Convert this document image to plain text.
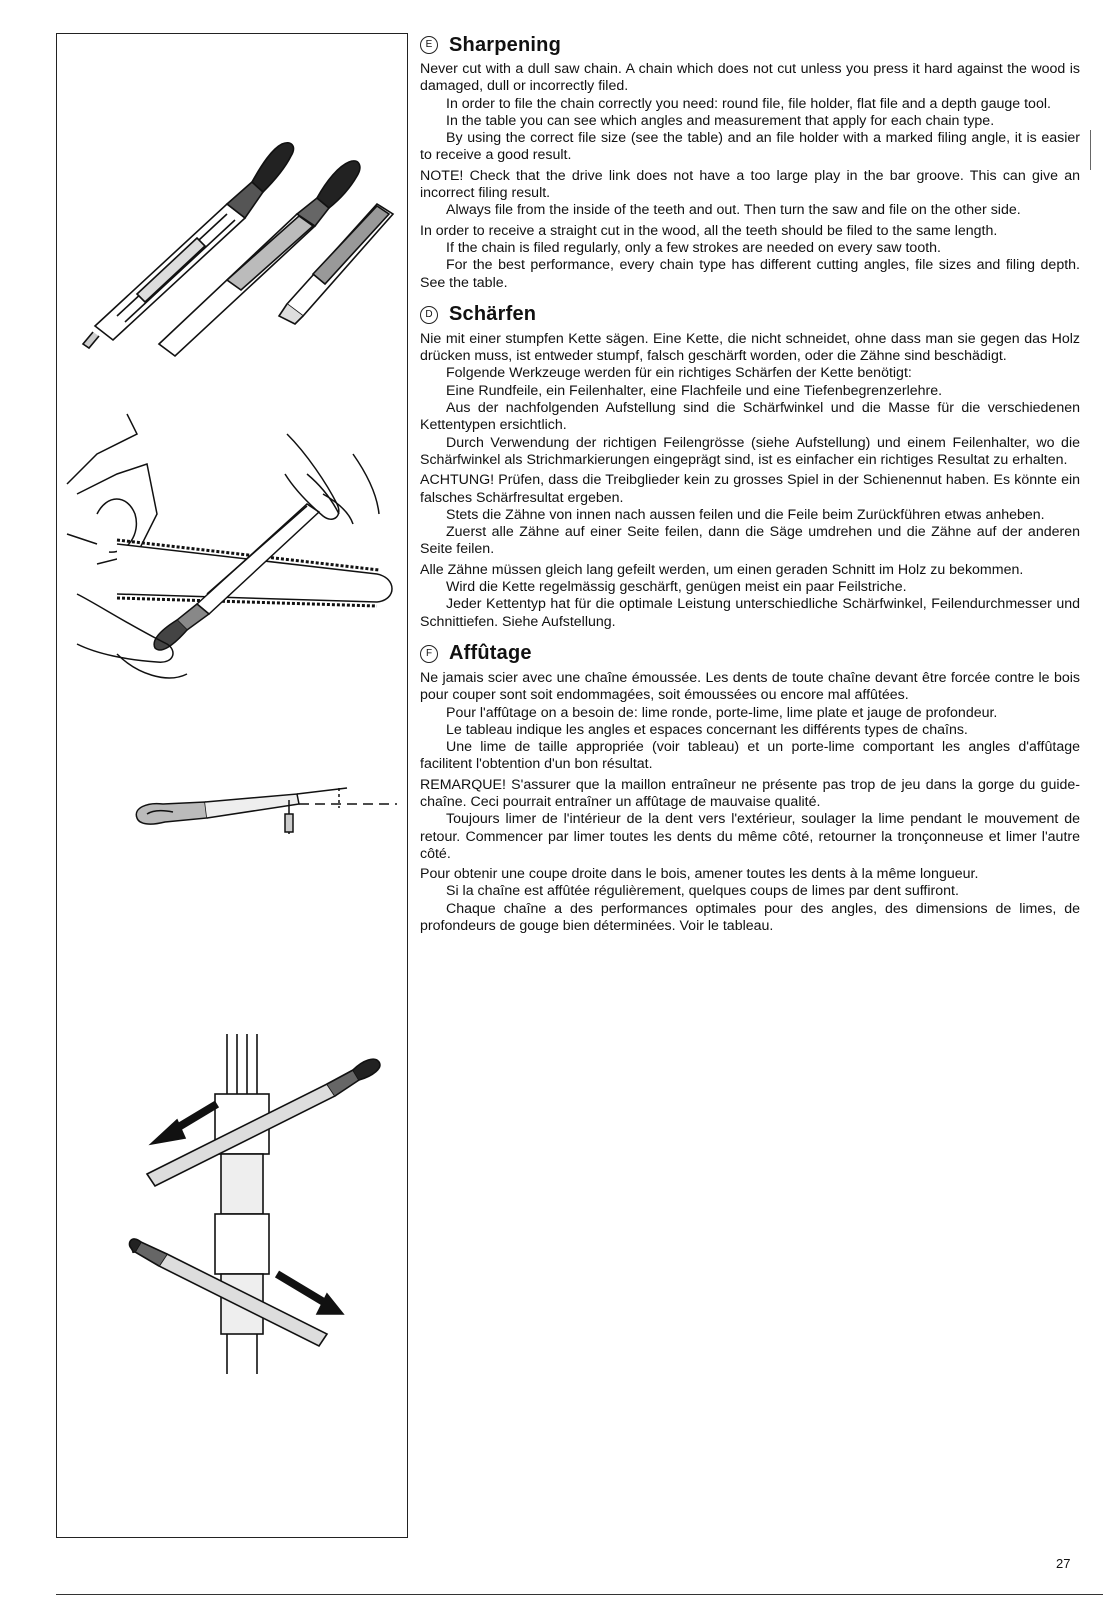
E Sharpening

Never cut with a dull saw chain. A chain which does not cut unless you press it hard against the wood is damaged, dull or incorrectly filed.

In order to file the chain correctly you need: round file, file holder, flat file and a depth gauge tool.

In the table you can see which angles and measurement that apply for each chain type.

By using the correct file size (see the table) and an file holder with a marked filing angle, it is easier to receive a good result.

NOTE! Check that the drive link does not have a too large play in the bar groove. This can give an incorrect filing result.

Always file from the inside of the teeth and out. Then turn the saw and file on the other side.

In order to receive a straight cut in the wood, all the teeth should be filed to the same length.

If the chain is filed regularly, only a few strokes are needed on every saw tooth.

For the best performance, every chain type has different cutting angles, file sizes and filing depth. See the table.

D Schärfen

Nie mit einer stumpfen Kette sägen. Eine Kette, die nicht schneidet, ohne dass man sie gegen das Holz drücken muss, ist entweder stumpf, falsch geschärft worden, oder die Zähne sind beschädigt.

Folgende Werkzeuge werden für ein richtiges Schärfen der Kette benötigt:

Eine Rundfeile, ein Feilenhalter, eine Flachfeile und eine Tiefenbegrenzerlehre.

Aus der nachfolgenden Aufstellung sind die Schärfwinkel und die Masse für die verschiedenen Kettentypen ersichtlich.

Durch Verwendung der richtigen Feilengrösse (siehe Aufstellung) und einem Feilenhalter, wo die Schärfwinkel als Strichmarkierungen eingeprägt sind, ist es einfacher ein richtiges Resultat zu erhalten.

ACHTUNG! Prüfen, dass die Treibglieder kein zu grosses Spiel in der Schienennut haben. Es könnte ein falsches Schärfresultat ergeben.

Stets die Zähne von innen nach aussen feilen und die Feile beim Zurückführen etwas anheben.

Zuerst alle Zähne auf einer Seite feilen, dann die Säge umdrehen und die Zähne auf der anderen Seite feilen.

Alle Zähne müssen gleich lang gefeilt werden, um einen geraden Schnitt im Holz zu bekommen.

Wird die Kette regelmässig geschärft, genügen meist ein paar Feilstriche.

Jeder Kettentyp hat für die optimale Leistung unterschiedliche Schärfwinkel, Feilendurchmesser und Schnittiefen. Siehe Aufstellung.

F Affûtage

Ne jamais scier avec une chaîne émoussée. Les dents de toute chaîne devant être forcée contre le bois pour couper sont soit endommagées, soit émoussées ou encore mal affûtées.

Pour l'affûtage on a besoin de: lime ronde, porte-lime, lime plate et jauge de profondeur.

Le tableau indique les angles et espaces concernant les différents types de chaîns.

Une lime de taille appropriée (voir tableau) et un porte-lime comportant les angles d'affûtage facilitent l'obtention d'un bon résultat.

REMARQUE! S'assurer que la maillon entraîneur ne présente pas trop de jeu dans la gorge du guide-chaîne. Ceci pourrait entraîner un affûtage de mauvaise qualité.

Toujours limer de l'intérieur de la dent vers l'extérieur, soulager la lime pendant le mouvement de retour. Commencer par limer toutes les dents du même côté, retourner la tronçonneuse et limer l'autre côté.

Pour obtenir une coupe droite dans le bois, amener toutes les dents à la même longueur.

Si la chaîne est affûtée régulièrement, quelques coups de limes par dent suffiront.

Chaque chaîne a des performances optimales pour des angles, des dimensions de limes, de profondeurs de gouge bien déterminées. Voir le tableau.

27
